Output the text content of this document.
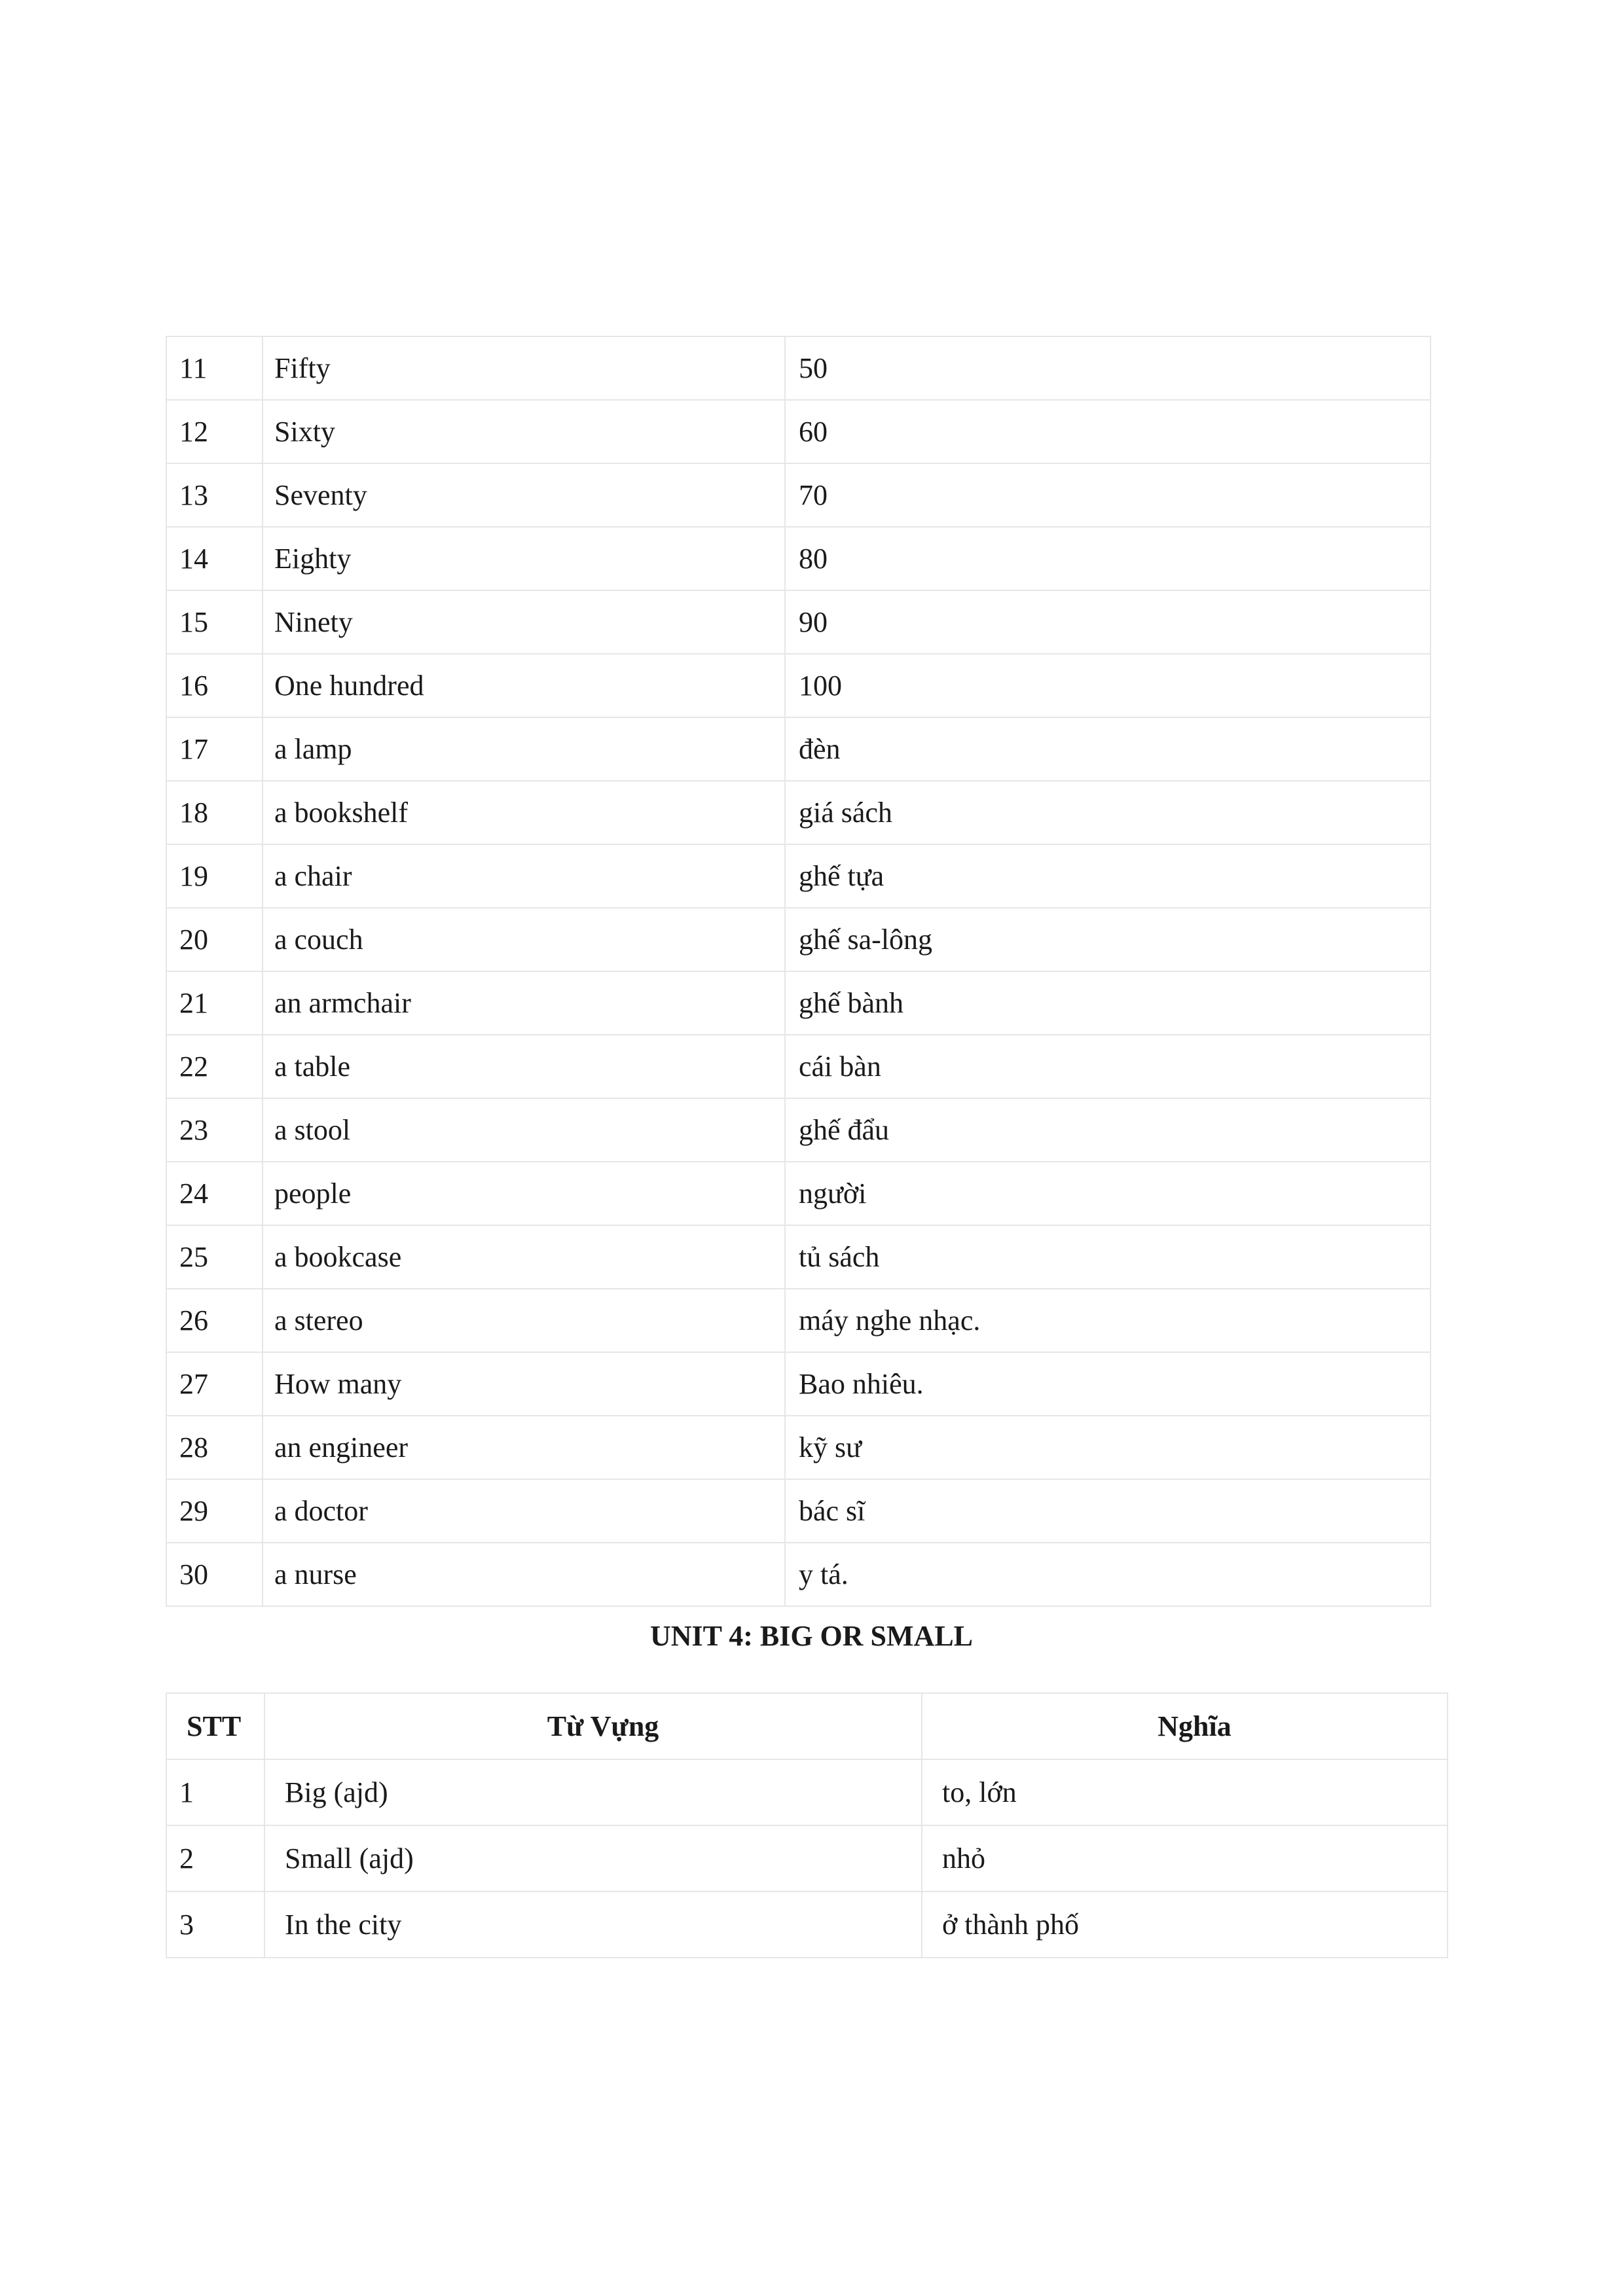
11	Fifty	50
12	Sixty	60
13	Seventy	70
14	Eighty	80
15	Ninety	90
16	One hundred	100
17	a lamp	đèn
18	a bookshelf	giá sách
19	a chair	ghế tựa
20	a couch	ghế sa-lông
21	an armchair	ghế bành
22	a table	cái bàn
23	a stool	ghế đẩu
24	people	người
25	a bookcase	tủ sách
26	a stereo	máy nghe nhạc.
27	How many	Bao nhiêu.
28	an engineer	kỹ sư
29	a doctor	bác sĩ
30	a nurse	y tá.
UNIT 4: BIG OR SMALL
STT	Từ Vựng	Nghĩa
1	Big (ajd)	to, lớn
2	Small (ajd)	nhỏ
3	In the city	ở thành phố
